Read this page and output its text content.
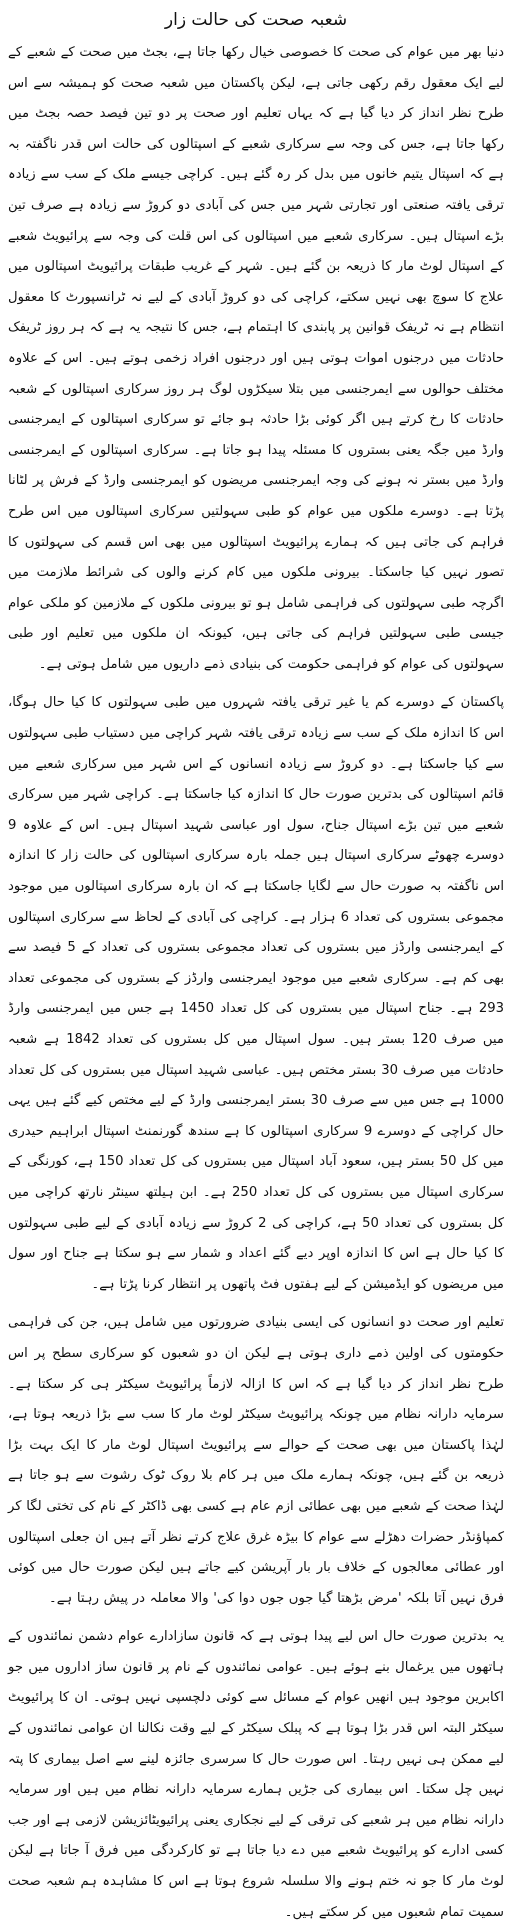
شعبہ صحت کی حالت زار

دنیا بھر میں عوام کی صحت کا خصوصی خیال رکھا جاتا ہے، بجٹ میں صحت کے شعبے کے لیے ایک معقول رقم رکھی جاتی ہے، لیکن پاکستان میں شعبہ صحت کو ہمیشہ سے اس طرح نظر انداز کر دیا گیا ہے کہ یہاں تعلیم اور صحت پر دو تین فیصد حصہ بجٹ میں رکھا جاتا ہے، جس کی وجہ سے سرکاری شعبے کے اسپتالوں کی حالت اس قدر ناگفتہ بہ ہے کہ اسپتال یتیم خانوں میں بدل کر رہ گئے ہیں۔ کراچی جیسے ملک کے سب سے زیادہ ترقی یافتہ صنعتی اور تجارتی شہر میں جس کی آبادی دو کروڑ سے زیادہ ہے صرف تین بڑے اسپتال ہیں۔ سرکاری شعبے میں اسپتالوں کی اس قلت کی وجہ سے پرائیویٹ شعبے کے اسپتال لوٹ مار کا ذریعہ بن گئے ہیں۔ شہر کے غریب طبقات پرائیویٹ اسپتالوں میں علاج کا سوچ بھی نہیں سکتے، کراچی کی دو کروڑ آبادی کے لیے نہ ٹرانسپورٹ کا معقول انتظام ہے نہ ٹریفک قوانین پر پابندی کا اہتمام ہے، جس کا نتیجہ یہ ہے کہ ہر روز ٹریفک حادثات میں درجنوں اموات ہوتی ہیں اور درجنوں افراد زخمی ہوتے ہیں۔ اس کے علاوہ مختلف حوالوں سے ایمرجنسی میں بتلا سیکڑوں لوگ ہر روز سرکاری اسپتالوں کے شعبہ حادثات کا رخ کرتے ہیں اگر کوئی بڑا حادثہ ہو جائے تو سرکاری اسپتالوں کے ایمرجنسی وارڈ میں جگہ یعنی بستروں کا مسئلہ پیدا ہو جاتا ہے۔ سرکاری اسپتالوں کے ایمرجنسی وارڈ میں بستر نہ ہونے کی وجہ ایمرجنسی مریضوں کو ایمرجنسی وارڈ کے فرش پر لٹانا پڑتا ہے۔ دوسرے ملکوں میں عوام کو طبی سہولتیں سرکاری اسپتالوں میں اس طرح فراہم کی جاتی ہیں کہ ہمارے پرائیویٹ اسپتالوں میں بھی اس قسم کی سہولتوں کا تصور نہیں کیا جاسکتا۔ بیرونی ملکوں میں کام کرنے والوں کی شرائط ملازمت میں اگرچہ طبی سہولتوں کی فراہمی شامل ہو تو بیرونی ملکوں کے ملازمین کو ملکی عوام جیسی طبی سہولتیں فراہم کی جاتی ہیں، کیونکہ ان ملکوں میں تعلیم اور طبی سہولتوں کی عوام کو فراہمی حکومت کی بنیادی ذمے داریوں میں شامل ہوتی ہے۔

پاکستان کے دوسرے کم یا غیر ترقی یافتہ شہروں میں طبی سہولتوں کا کیا حال ہوگا، اس کا اندازہ ملک کے سب سے زیادہ ترقی یافتہ شہر کراچی میں دستیاب طبی سہولتوں سے کیا جاسکتا ہے۔ دو کروڑ سے زیادہ انسانوں کے اس شہر میں سرکاری شعبے میں قائم اسپتالوں کی بدترین صورت حال کا اندازہ کیا جاسکتا ہے۔ کراچی شہر میں سرکاری شعبے میں تین بڑے اسپتال جناح، سول اور عباسی شہید اسپتال ہیں۔ اس کے علاوہ 9 دوسرے چھوٹے سرکاری اسپتال ہیں جملہ بارہ سرکاری اسپتالوں کی حالت زار کا اندازہ اس ناگفتہ بہ صورت حال سے لگایا جاسکتا ہے کہ ان بارہ سرکاری اسپتالوں میں موجود مجموعی بستروں کی تعداد 6 ہزار ہے۔ کراچی کی آبادی کے لحاظ سے سرکاری اسپتالوں کے ایمرجنسی وارڈز میں بستروں کی تعداد مجموعی بستروں کی تعداد کے 5 فیصد سے بھی کم ہے۔ سرکاری شعبے میں موجود ایمرجنسی وارڈز کے بستروں کی مجموعی تعداد 293 ہے۔ جناح اسپتال میں بستروں کی کل تعداد 1450 ہے جس میں ایمرجنسی وارڈ میں صرف 120 بستر ہیں۔ سول اسپتال میں کل بستروں کی تعداد 1842 ہے شعبہ حادثات میں صرف 30 بستر مختص ہیں۔ عباسی شہید اسپتال میں بستروں کی کل تعداد 1000 ہے جس میں سے صرف 30 بستر ایمرجنسی وارڈ کے لیے مختص کیے گئے ہیں یہی حال کراچی کے دوسرے 9 سرکاری اسپتالوں کا ہے سندھ گورنمنٹ اسپتال ابراہیم حیدری میں کل 50 بستر ہیں، سعود آباد اسپتال میں بستروں کی کل تعداد 150 ہے، کورنگی کے سرکاری اسپتال میں بستروں کی کل تعداد 250 ہے۔ ابن ہیلتھ سینٹر نارتھ کراچی میں کل بستروں کی تعداد 50 ہے، کراچی کی 2 کروڑ سے زیادہ آبادی کے لیے طبی سہولتوں کا کیا حال ہے اس کا اندازہ اوپر دیے گئے اعداد و شمار سے ہو سکتا ہے جناح اور سول میں مریضوں کو ایڈمیشن کے لیے ہفتوں فٹ پاتھوں پر انتظار کرنا پڑتا ہے۔

تعلیم اور صحت دو انسانوں کی ایسی بنیادی ضرورتوں میں شامل ہیں، جن کی فراہمی حکومتوں کی اولین ذمے داری ہوتی ہے لیکن ان دو شعبوں کو سرکاری سطح پر اس طرح نظر انداز کر دیا گیا ہے کہ اس کا ازالہ لازماً پرائیویٹ سیکٹر ہی کر سکتا ہے۔ سرمایہ دارانہ نظام میں چونکہ پرائیویٹ سیکٹر لوٹ مار کا سب سے بڑا ذریعہ ہوتا ہے، لہٰذا پاکستان میں بھی صحت کے حوالے سے پرائیویٹ اسپتال لوٹ مار کا ایک بہت بڑا ذریعہ بن گئے ہیں، چونکہ ہمارے ملک میں ہر کام بلا روک ٹوک رشوت سے ہو جاتا ہے لہٰذا صحت کے شعبے میں بھی عطائی ازم عام ہے کسی بھی ڈاکٹر کے نام کی تختی لگا کر کمپاؤنڈر حضرات دھڑلے سے عوام کا بیڑہ غرق علاج کرتے نظر آتے ہیں ان جعلی اسپتالوں اور عطائی معالجوں کے خلاف بار بار آپریشن کیے جاتے ہیں لیکن صورت حال میں کوئی فرق نہیں آتا بلکہ 'مرض بڑھتا گیا جوں جوں دوا کی' والا معاملہ در پیش رہتا ہے۔

یہ بدترین صورت حال اس لیے پیدا ہوتی ہے کہ قانون سازادارے عوام دشمن نمائندوں کے ہاتھوں میں یرغمال بنے ہوئے ہیں۔ عوامی نمائندوں کے نام پر قانون ساز اداروں میں جو اکابرین موجود ہیں انھیں عوام کے مسائل سے کوئی دلچسپی نہیں ہوتی۔ ان کا پرائیویٹ سیکٹر البتہ اس قدر بڑا ہوتا ہے کہ پبلک سیکٹر کے لیے وقت نکالنا ان عوامی نمائندوں کے لیے ممکن ہی نہیں رہتا۔ اس صورت حال کا سرسری جائزہ لینے سے اصل بیماری کا پتہ نہیں چل سکتا۔ اس بیماری کی جڑیں ہمارے سرمایہ دارانہ نظام میں ہیں اور سرمایہ دارانہ نظام میں ہر شعبے کی ترقی کے لیے نجکاری یعنی پرائیویٹائزیشن لازمی ہے اور جب کسی ادارے کو پرائیویٹ شعبے میں دے دیا جاتا ہے تو کارکردگی میں فرق آ جاتا ہے لیکن لوٹ مار کا جو نہ ختم ہونے والا سلسلہ شروع ہوتا ہے اس کا مشاہدہ ہم شعبہ صحت سمیت تمام شعبوں میں کر سکتے ہیں۔
